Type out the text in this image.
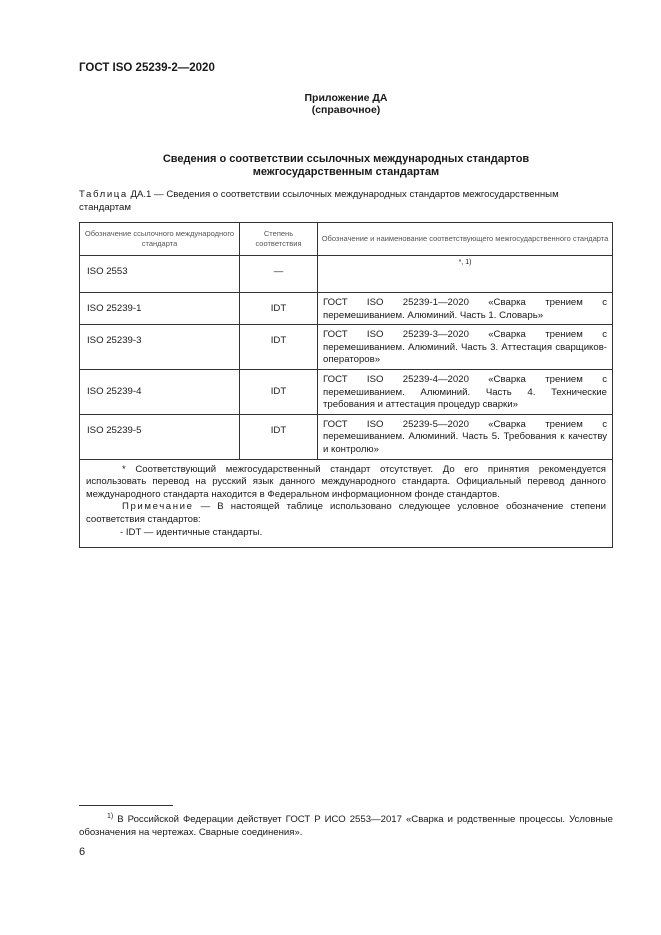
ГОСТ ISO 25239-2—2020
Приложение ДА
(справочное)
Сведения о соответствии ссылочных международных стандартов
межгосударственным стандартам
Таблица ДА.1 — Сведения о соответствии ссылочных международных стандартов межгосударственным стандартам
Обозначение ссылочного международного стандарта	Степень соответствия	Обозначение и наименование соответствующего межгосударственного стандарта
ISO 2553	—	$^{*, 1)}$
ISO 25239-1	IDT	ГОСТ ISO 25239-1—2020 «Сварка трением с перемешиванием. Алюминий. Часть 1. Словарь»
ISO 25239-3	IDT	ГОСТ ISO 25239-3—2020 «Сварка трением с перемешиванием. Алюминий. Часть 3. Аттестация сварщиков-операторов»
ISO 25239-4	IDT	ГОСТ ISO 25239-4—2020 «Сварка трением с перемешиванием. Алюминий. Часть 4. Технические требования и аттестация процедур сварки»
ISO 25239-5	IDT	ГОСТ ISO 25239-5—2020 «Сварка трением с перемешиванием. Алюминий. Часть 5. Требования к качеству и контролю»

* Соответствующий межгосударственный стандарт отсутствует. До его принятия рекомендуется использовать перевод на русский язык данного международного стандарта. Официальный перевод данного международного стандарта находится в Федеральном информационном фонде стандартов.
Примечание — В настоящей таблице использовано следующее условное обозначение степени соответствия стандартов:
- IDT — идентичные стандарты.		
$^{1)}$ В Российской Федерации действует ГОСТ Р ИСО 2553—2017 «Сварка и родственные процессы. Условные обозначения на чертежах. Сварные соединения».
6
